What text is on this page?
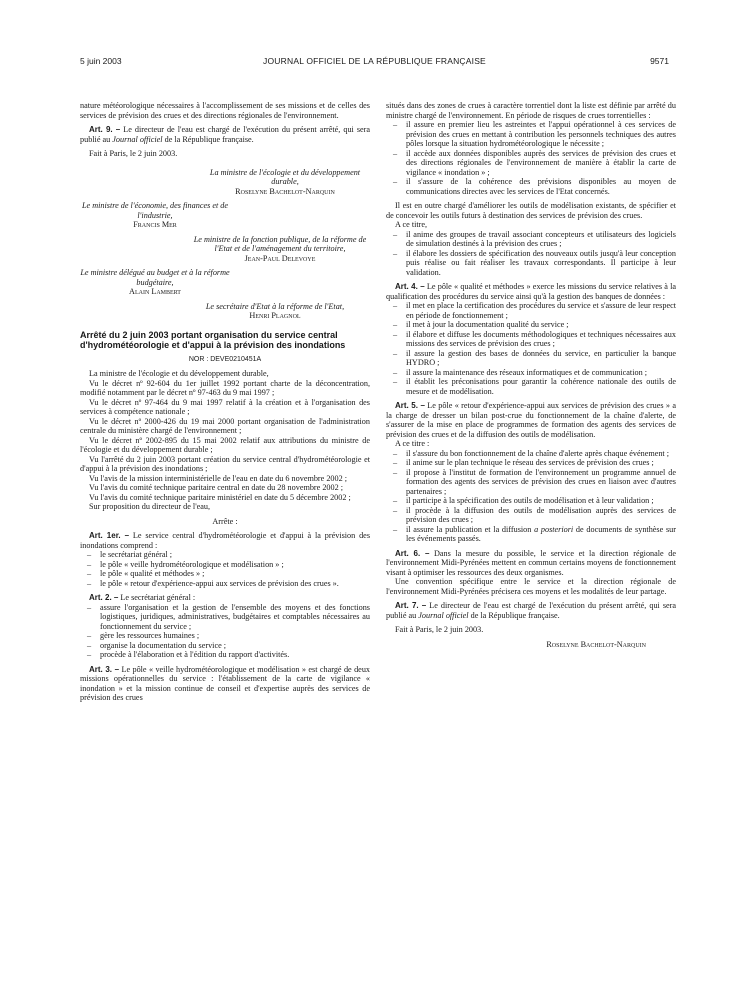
5 juin 2003	JOURNAL OFFICIEL DE LA RÉPUBLIQUE FRANÇAISE	9571

nature météorologique nécessaires à l'accomplissement de ses missions et de celles des services de prévision des crues et des directions régionales de l'environnement.

Art. 9. – Le directeur de l'eau est chargé de l'exécution du présent arrêté, qui sera publié au Journal officiel de la République française.

Fait à Paris, le 2 juin 2003.

La ministre de l'écologie et du développement durable,

Roselyne Bachelot-Narquin

Le ministre de l'économie, des finances et de l'industrie,

Francis Mer

Le ministre de la fonction publique, de la réforme de l'Etat et de l'aménagement du territoire,

Jean-Paul Delevoye

Le ministre délégué au budget et à la réforme budgétaire,

Alain Lambert

Le secrétaire d'Etat à la réforme de l'Etat,

Henri Plagnol

Arrêté du 2 juin 2003 portant organisation du service central d'hydrométéorologie et d'appui à la prévision des inondations

NOR : DEVE0210451A

La ministre de l'écologie et du développement durable,

Vu le décret nº 92-604 du 1er juillet 1992 portant charte de la déconcentration, modifié notamment par le décret nº 97-463 du 9 mai 1997 ;

Vu le décret nº 97-464 du 9 mai 1997 relatif à la création et à l'organisation des services à compétence nationale ;

Vu le décret nº 2000-426 du 19 mai 2000 portant organisation de l'administration centrale du ministère chargé de l'environnement ;

Vu le décret nº 2002-895 du 15 mai 2002 relatif aux attributions du ministre de l'écologie et du développement durable ;

Vu l'arrêté du 2 juin 2003 portant création du service central d'hydrométéorologie et d'appui à la prévision des inondations ;

Vu l'avis de la mission interministérielle de l'eau en date du 6 novembre 2002 ;

Vu l'avis du comité technique paritaire central en date du 28 novembre 2002 ;

Vu l'avis du comité technique paritaire ministériel en date du 5 décembre 2002 ;

Sur proposition du directeur de l'eau,

Arrête :

Art. 1er. – Le service central d'hydrométéorologie et d'appui à la prévision des inondations comprend :

– le secrétariat général ;
– le pôle « veille hydrométéorologique et modélisation » ;
– le pôle « qualité et méthodes » ;
– le pôle « retour d'expérience-appui aux services de prévision des crues ».

Art. 2. – Le secrétariat général :

– assure l'organisation et la gestion de l'ensemble des moyens et des fonctions logistiques, juridiques, administratives, budgétaires et comptables nécessaires au fonctionnement du service ;
– gère les ressources humaines ;
– organise la documentation du service ;
– procède à l'élaboration et à l'édition du rapport d'activités.

Art. 3. – Le pôle « veille hydrométéorologique et modélisation » est chargé de deux missions opérationnelles du service : l'établissement de la carte de vigilance « inondation » et la mission continue de conseil et d'expertise auprès des services de prévision des crues

situés dans des zones de crues à caractère torrentiel dont la liste est définie par arrêté du ministre chargé de l'environnement. En période de risques de crues torrentielles :

– il assure en premier lieu les astreintes et l'appui opérationnel à ces services de prévision des crues en mettant à contribution les personnels techniques des autres pôles lorsque la situation hydrométéorologique le nécessite ;
– il accède aux données disponibles auprès des services de prévision des crues et des directions régionales de l'environnement de manière à établir la carte de vigilance « inondation » ;
– il s'assure de la cohérence des prévisions disponibles au moyen de communications directes avec les services de l'Etat concernés.

Il est en outre chargé d'améliorer les outils de modélisation existants, de spécifier et de concevoir les outils futurs à destination des services de prévision des crues.

A ce titre,

– il anime des groupes de travail associant concepteurs et utilisateurs des logiciels de simulation destinés à la prévision des crues ;
– il élabore les dossiers de spécification des nouveaux outils jusqu'à leur conception puis réalise ou fait réaliser les travaux correspondants. Il participe à leur validation.

Art. 4. – Le pôle « qualité et méthodes » exerce les missions du service relatives à la qualification des procédures du service ainsi qu'à la gestion des banques de données :

– il met en place la certification des procédures du service et s'assure de leur respect en période de fonctionnement ;
– il met à jour la documentation qualité du service ;
– il élabore et diffuse les documents méthodologiques et techniques nécessaires aux missions des services de prévision des crues ;
– il assure la gestion des bases de données du service, en particulier la banque HYDRO ;
– il assure la maintenance des réseaux informatiques et de communication ;
– il établit les préconisations pour garantir la cohérence nationale des outils de mesure et de modélisation.

Art. 5. – Le pôle « retour d'expérience-appui aux services de prévision des crues » a la charge de dresser un bilan post-crue du fonctionnement de la chaîne d'alerte, de s'assurer de la mise en place de programmes de formation des agents des services de prévision des crues et de la diffusion des outils de modélisation.

A ce titre :

– il s'assure du bon fonctionnement de la chaîne d'alerte après chaque événement ;
– il anime sur le plan technique le réseau des services de prévision des crues ;
– il propose à l'institut de formation de l'environnement un programme annuel de formation des agents des services de prévision des crues en liaison avec d'autres partenaires ;
– il participe à la spécification des outils de modélisation et à leur validation ;
– il procède à la diffusion des outils de modélisation auprès des services de prévision des crues ;
– il assure la publication et la diffusion a posteriori de documents de synthèse sur les événements passés.

Art. 6. – Dans la mesure du possible, le service et la direction régionale de l'environnement Midi-Pyrénées mettent en commun certains moyens de fonctionnement visant à optimiser les ressources des deux organismes.

Une convention spécifique entre le service et la direction régionale de l'environnement Midi-Pyrénées précisera ces moyens et les modalités de leur partage.

Art. 7. – Le directeur de l'eau est chargé de l'exécution du présent arrêté, qui sera publié au Journal officiel de la République française.

Fait à Paris, le 2 juin 2003.

Roselyne Bachelot-Narquin
